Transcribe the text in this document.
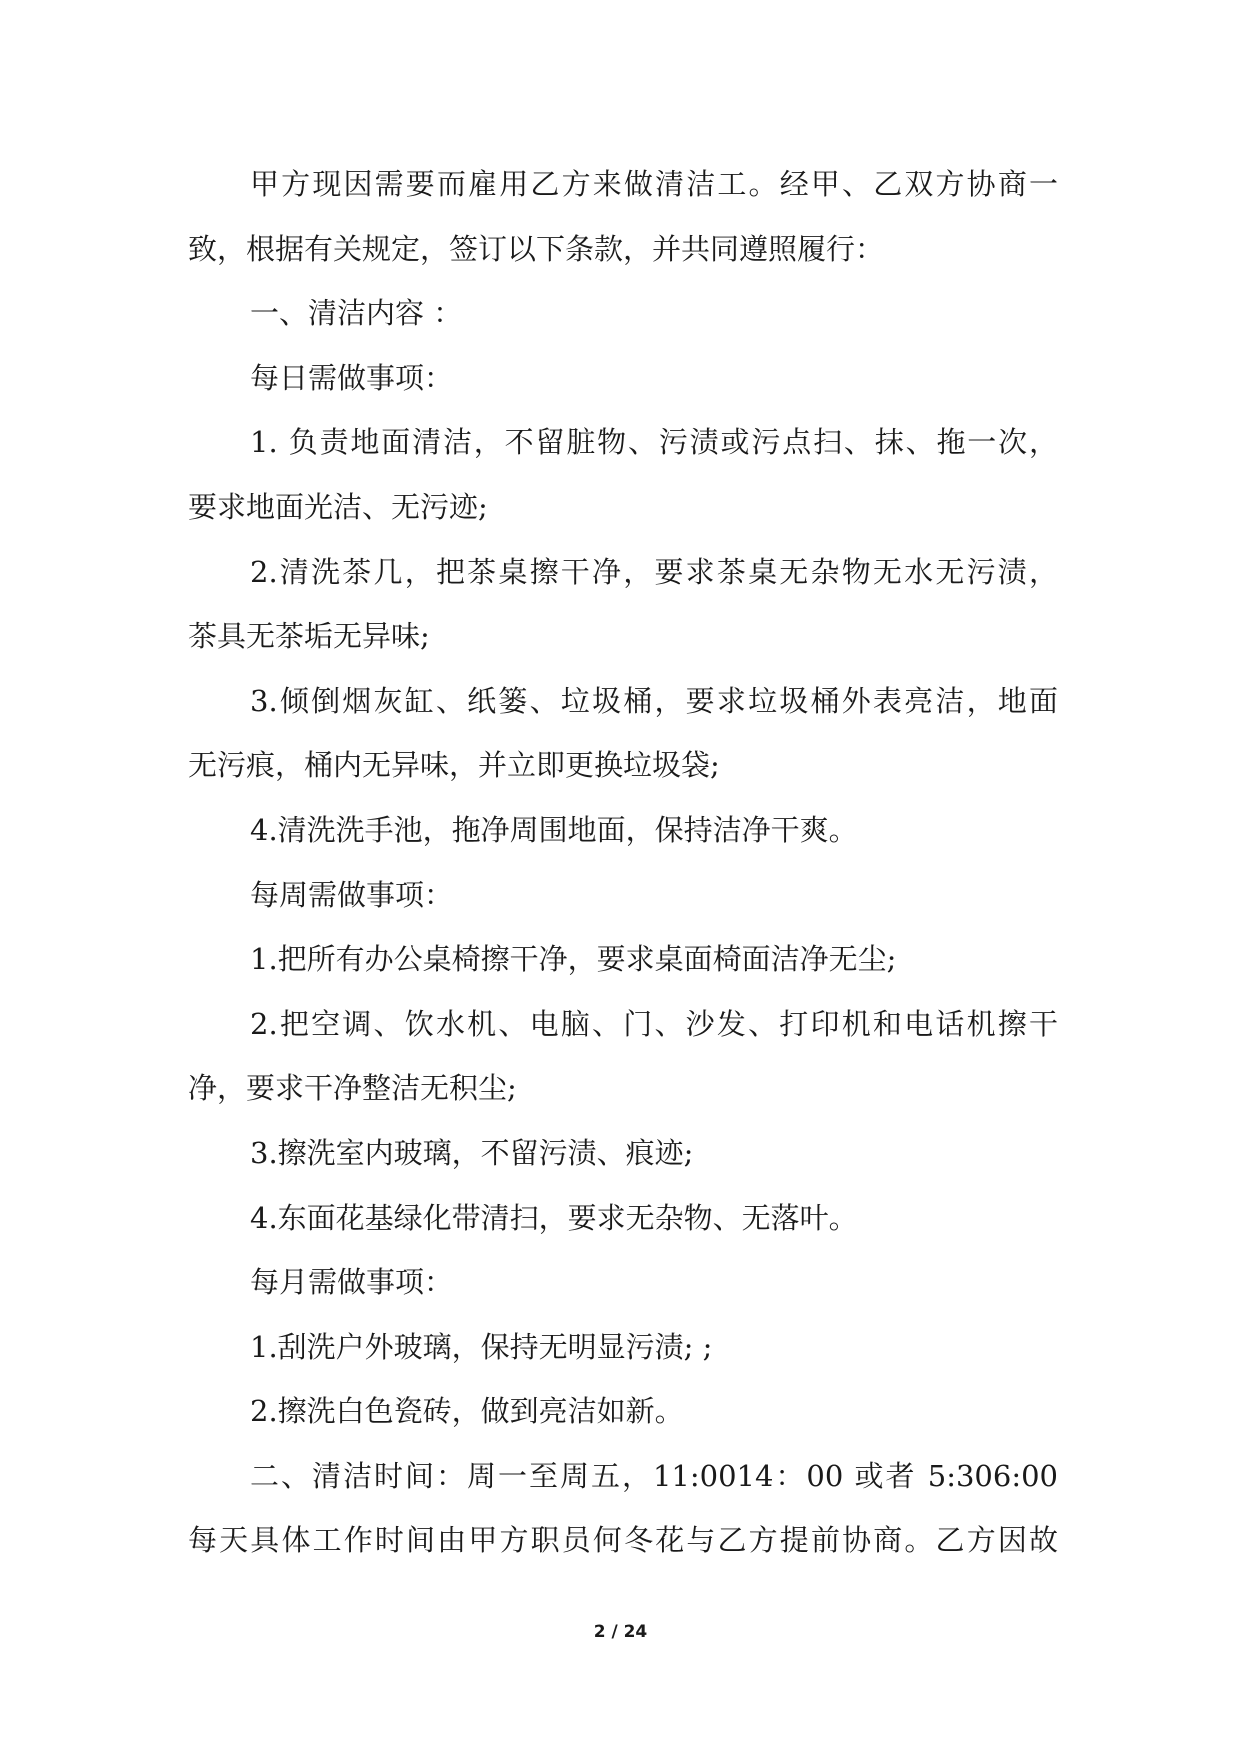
甲方现因需要而雇用乙方来做清洁工。经甲、乙双方协商一
致，根据有关规定，签订以下条款，并共同遵照履行：
一、清洁内容 ：
每日需做事项：
1. 负责地面清洁，不留脏物、污渍或污点扫、抹、拖一次，
要求地面光洁、无污迹;
2.清洗茶几，把茶桌擦干净，要求茶桌无杂物无水无污渍，
茶具无茶垢无异味;
3.倾倒烟灰缸、纸篓、垃圾桶，要求垃圾桶外表亮洁，地面
无污痕，桶内无异味，并立即更换垃圾袋;
4.清洗洗手池，拖净周围地面，保持洁净干爽。
每周需做事项：
1.把所有办公桌椅擦干净，要求桌面椅面洁净无尘;
2.把空调、饮水机、电脑、门、沙发、打印机和电话机擦干
净，要求干净整洁无积尘;
3.擦洗室内玻璃，不留污渍、痕迹;
4.东面花基绿化带清扫，要求无杂物、无落叶。
每月需做事项：
1.刮洗户外玻璃，保持无明显污渍; ;
2.擦洗白色瓷砖，做到亮洁如新。
二、清洁时间：周一至周五，11:0014：00 或者 5:306:00
每天具体工作时间由甲方职员何冬花与乙方提前协商。乙方因故
2 / 24
